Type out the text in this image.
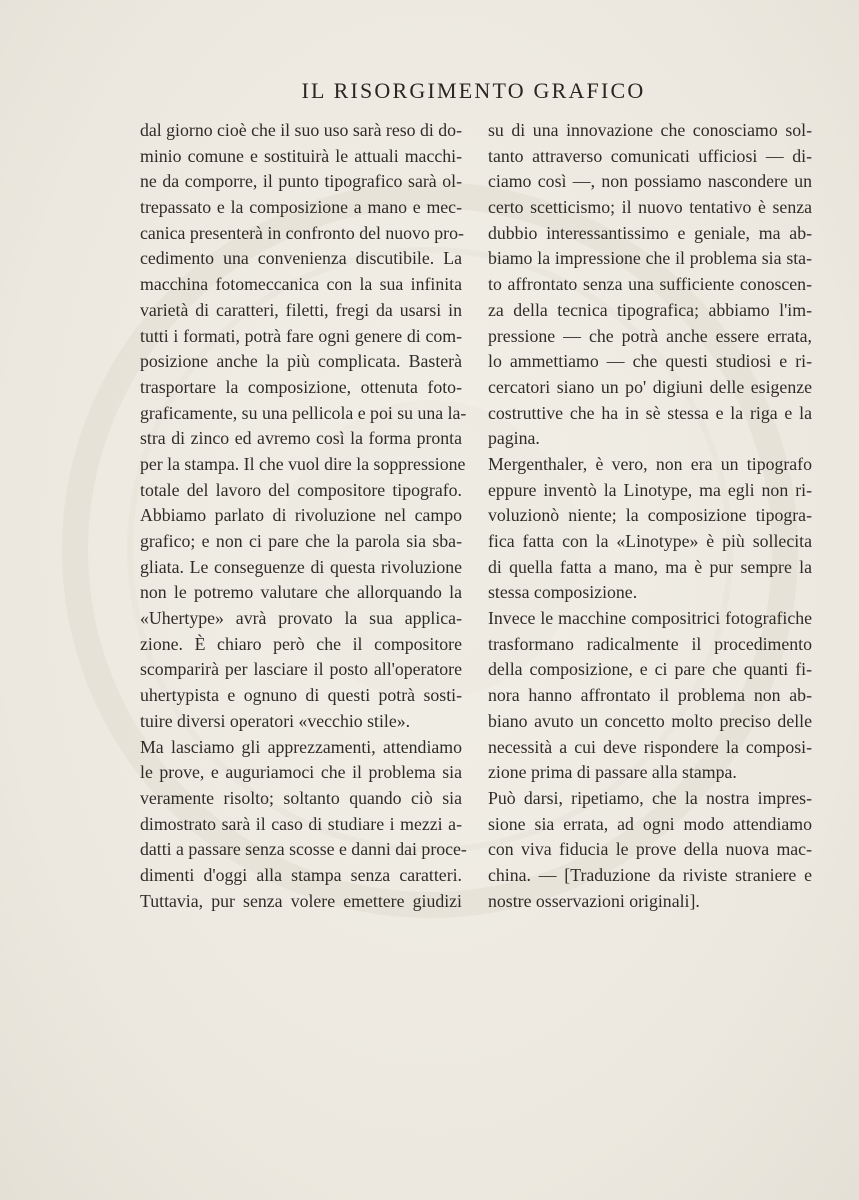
IL RISORGIMENTO GRAFICO

dal giorno cioè che il suo uso sarà reso di do-
minio comune e sostituirà le attuali macchi-
ne da comporre, il punto tipografico sarà ol-
trepassato e la composizione a mano e mec-
canica presenterà in confronto del nuovo pro-
cedimento una convenienza discutibile. La
macchina fotomeccanica con la sua infinita
varietà di caratteri, filetti, fregi da usarsi in
tutti i formati, potrà fare ogni genere di com-
posizione anche la più complicata. Basterà
trasportare la composizione, ottenuta foto-
graficamente, su una pellicola e poi su una la-
stra di zinco ed avremo così la forma pronta
per la stampa. Il che vuol dire la soppressione
totale del lavoro del compositore tipografo.
Abbiamo parlato di rivoluzione nel campo
grafico; e non ci pare che la parola sia sba-
gliata. Le conseguenze di questa rivoluzione
non le potremo valutare che allorquando la
«Uhertype» avrà provato la sua applica-
zione. È chiaro però che il compositore
scomparirà per lasciare il posto all'operatore
uhertypista e ognuno di questi potrà sosti-
tuire diversi operatori «vecchio stile».

Ma lasciamo gli apprezzamenti, attendiamo
le prove, e auguriamoci che il problema sia
veramente risolto; soltanto quando ciò sia
dimostrato sarà il caso di studiare i mezzi a-
datti a passare senza scosse e danni dai proce-
dimenti d'oggi alla stampa senza caratteri.
Tuttavia, pur senza volere emettere giudizi

su di una innovazione che conosciamo sol-
tanto attraverso comunicati ufficiosi — di-
ciamo così —, non possiamo nascondere un
certo scetticismo; il nuovo tentativo è senza
dubbio interessantissimo e geniale, ma ab-
biamo la impressione che il problema sia sta-
to affrontato senza una sufficiente conoscen-
za della tecnica tipografica; abbiamo l'im-
pressione — che potrà anche essere errata,
lo ammettiamo — che questi studiosi e ri-
cercatori siano un po' digiuni delle esigenze
costruttive che ha in sè stessa e la riga e la
pagina.

Mergenthaler, è vero, non era un tipografo
eppure inventò la Linotype, ma egli non ri-
voluzionò niente; la composizione tipogra-
fica fatta con la «Linotype» è più sollecita
di quella fatta a mano, ma è pur sempre la
stessa composizione.

Invece le macchine compositrici fotografiche
trasformano radicalmente il procedimento
della composizione, e ci pare che quanti fi-
nora hanno affrontato il problema non ab-
biano avuto un concetto molto preciso delle
necessità a cui deve rispondere la composi-
zione prima di passare alla stampa.

Può darsi, ripetiamo, che la nostra impres-
sione sia errata, ad ogni modo attendiamo
con viva fiducia le prove della nuova mac-
china. — [Traduzione da riviste straniere e
nostre osservazioni originali].
